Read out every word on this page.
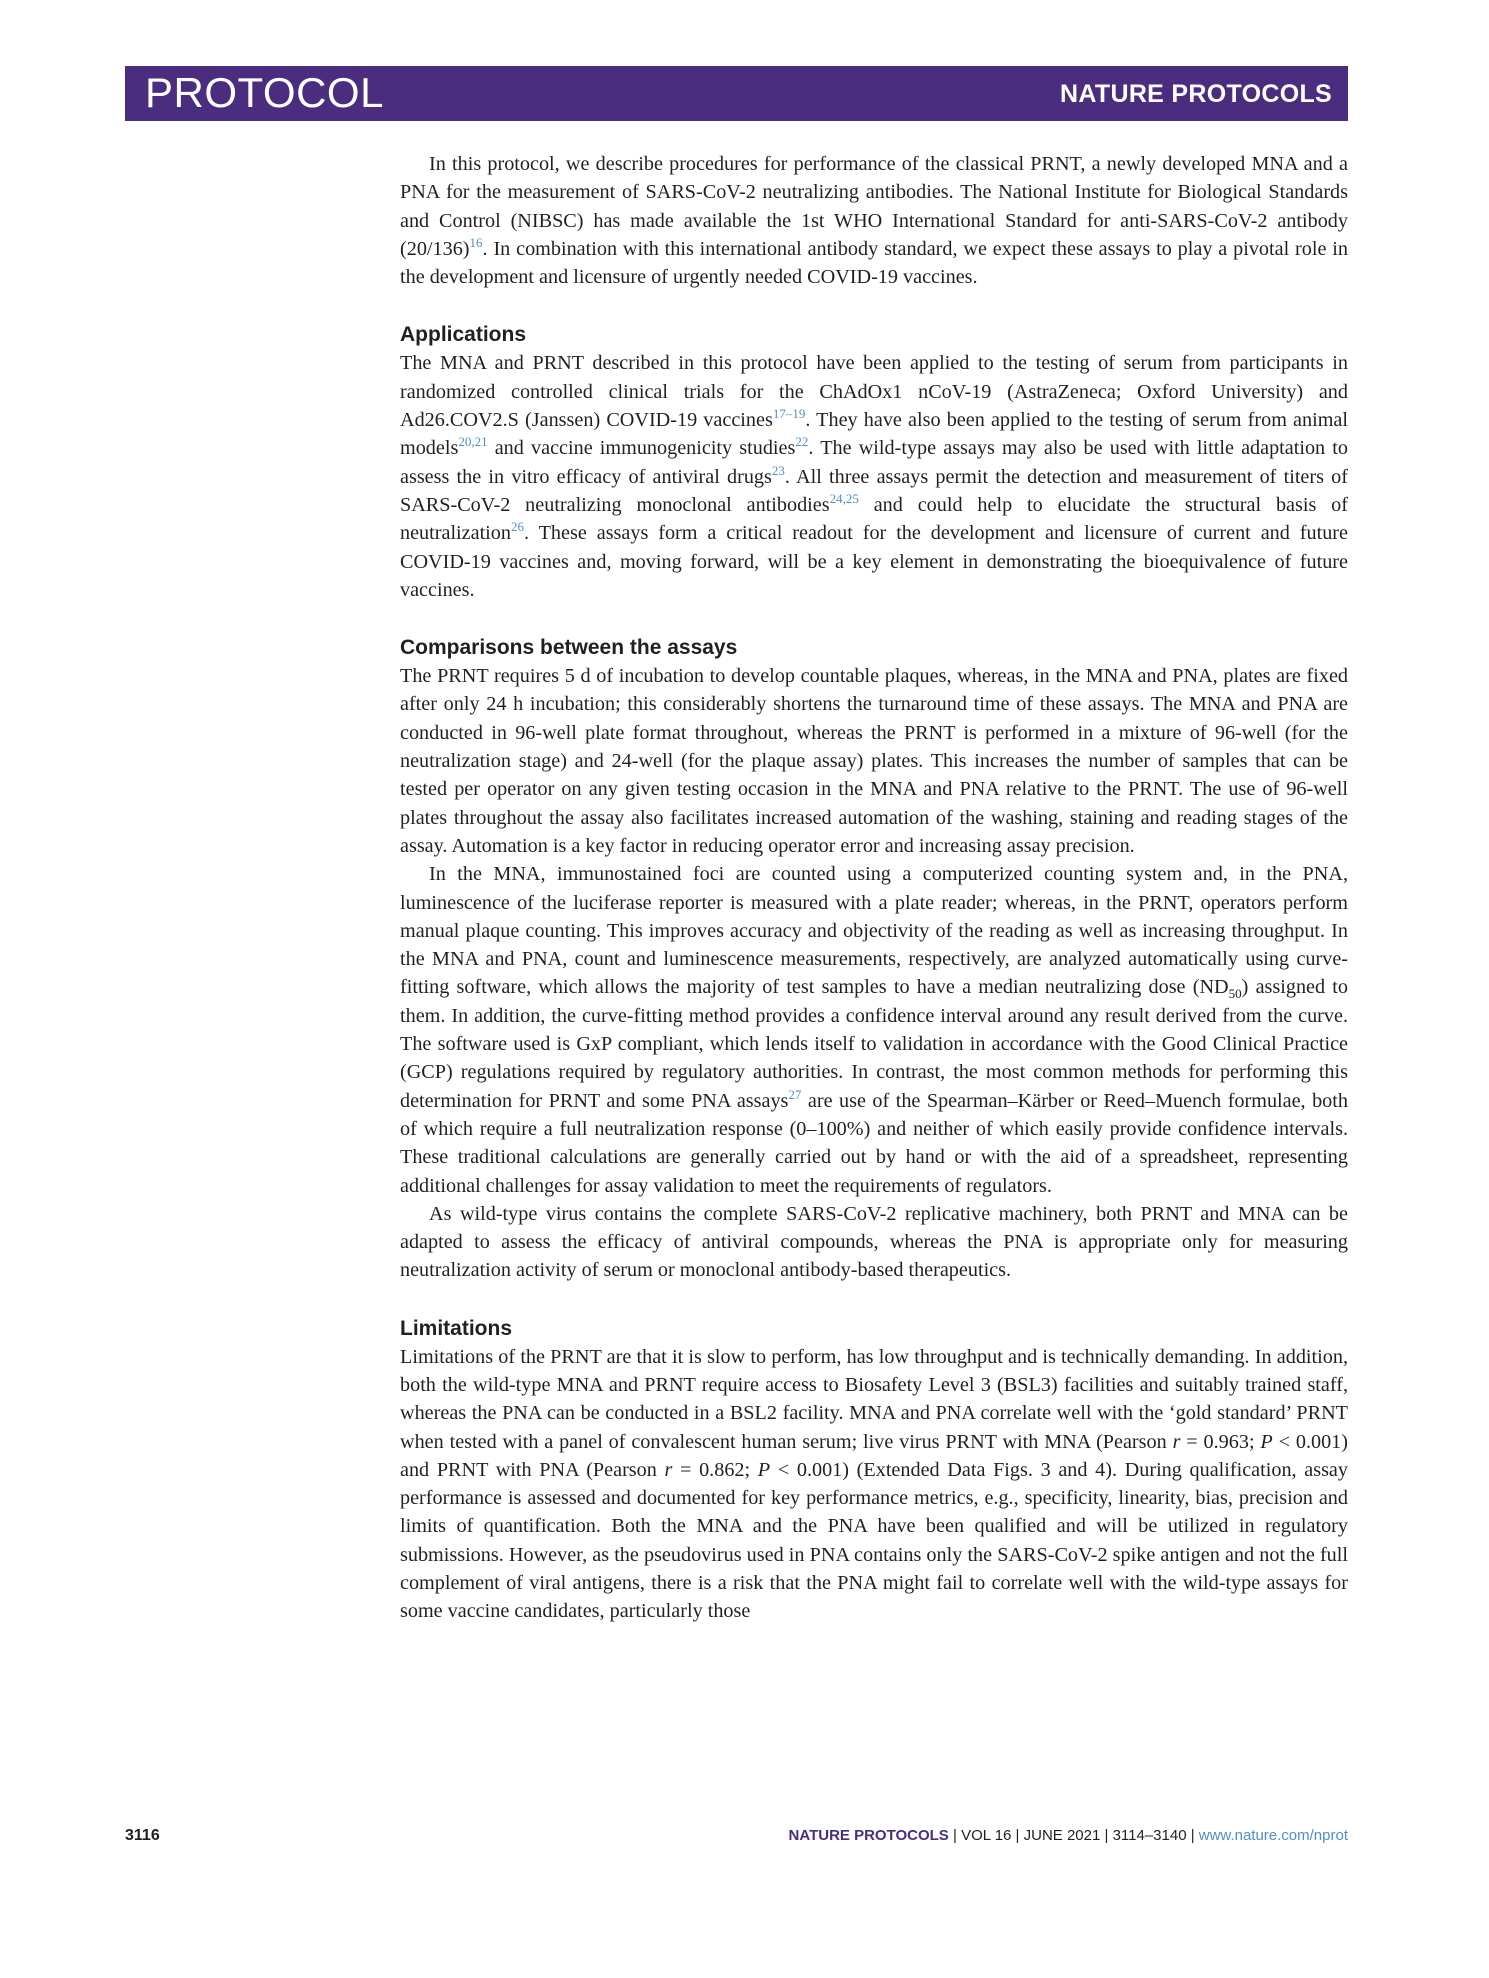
PROTOCOL	NATURE PROTOCOLS

In this protocol, we describe procedures for performance of the classical PRNT, a newly developed MNA and a PNA for the measurement of SARS-CoV-2 neutralizing antibodies. The National Institute for Biological Standards and Control (NIBSC) has made available the 1st WHO International Standard for anti-SARS-CoV-2 antibody (20/136)$^{16}$. In combination with this international antibody standard, we expect these assays to play a pivotal role in the development and licensure of urgently needed COVID-19 vaccines.

Applications

The MNA and PRNT described in this protocol have been applied to the testing of serum from participants in randomized controlled clinical trials for the ChAdOx1 nCoV-19 (AstraZeneca; Oxford University) and Ad26.COV2.S (Janssen) COVID-19 vaccines$^{17-19}$. They have also been applied to the testing of serum from animal models$^{20,21}$ and vaccine immunogenicity studies$^{22}$. The wild-type assays may also be used with little adaptation to assess the in vitro efficacy of antiviral drugs$^{23}$. All three assays permit the detection and measurement of titers of SARS-CoV-2 neutralizing monoclonal antibodies$^{24,25}$ and could help to elucidate the structural basis of neutralization$^{26}$. These assays form a critical readout for the development and licensure of current and future COVID-19 vaccines and, moving forward, will be a key element in demonstrating the bioequivalence of future vaccines.

Comparisons between the assays

The PRNT requires 5 d of incubation to develop countable plaques, whereas, in the MNA and PNA, plates are fixed after only 24 h incubation; this considerably shortens the turnaround time of these assays. The MNA and PNA are conducted in 96-well plate format throughout, whereas the PRNT is performed in a mixture of 96-well (for the neutralization stage) and 24-well (for the plaque assay) plates. This increases the number of samples that can be tested per operator on any given testing occasion in the MNA and PNA relative to the PRNT. The use of 96-well plates throughout the assay also facilitates increased automation of the washing, staining and reading stages of the assay. Automation is a key factor in reducing operator error and increasing assay precision.

In the MNA, immunostained foci are counted using a computerized counting system and, in the PNA, luminescence of the luciferase reporter is measured with a plate reader; whereas, in the PRNT, operators perform manual plaque counting. This improves accuracy and objectivity of the reading as well as increasing throughput. In the MNA and PNA, count and luminescence measurements, respectively, are analyzed automatically using curve-fitting software, which allows the majority of test samples to have a median neutralizing dose $(ND_{50})$ assigned to them. In addition, the curve-fitting method provides a confidence interval around any result derived from the curve. The software used is GxP compliant, which lends itself to validation in accordance with the Good Clinical Practice (GCP) regulations required by regulatory authorities. In contrast, the most common methods for performing this determination for PRNT and some PNA assays$^{27}$ are use of the Spearman–Kärber or Reed–Muench formulae, both of which require a full neutralization response (0–100%) and neither of which easily provide confidence intervals. These traditional calculations are generally carried out by hand or with the aid of a spreadsheet, representing additional challenges for assay validation to meet the requirements of regulators.

As wild-type virus contains the complete SARS-CoV-2 replicative machinery, both PRNT and MNA can be adapted to assess the efficacy of antiviral compounds, whereas the PNA is appropriate only for measuring neutralization activity of serum or monoclonal antibody-based therapeutics.

Limitations

Limitations of the PRNT are that it is slow to perform, has low throughput and is technically demanding. In addition, both the wild-type MNA and PRNT require access to Biosafety Level 3 (BSL3) facilities and suitably trained staff, whereas the PNA can be conducted in a BSL2 facility. MNA and PNA correlate well with the ‘gold standard’ PRNT when tested with a panel of convalescent human serum; live virus PRNT with MNA (Pearson r = 0.963; P < 0.001) and PRNT with PNA (Pearson r = 0.862; P < 0.001) (Extended Data Figs. 3 and 4). During qualification, assay performance is assessed and documented for key performance metrics, e.g., specificity, linearity, bias, precision and limits of quantification. Both the MNA and the PNA have been qualified and will be utilized in regulatory submissions. However, as the pseudovirus used in PNA contains only the SARS-CoV-2 spike antigen and not the full complement of viral antigens, there is a risk that the PNA might fail to correlate well with the wild-type assays for some vaccine candidates, particularly those

3116	NATURE PROTOCOLS | VOL 16 | JUNE 2021 | 3114–3140 | www.nature.com/nprot
